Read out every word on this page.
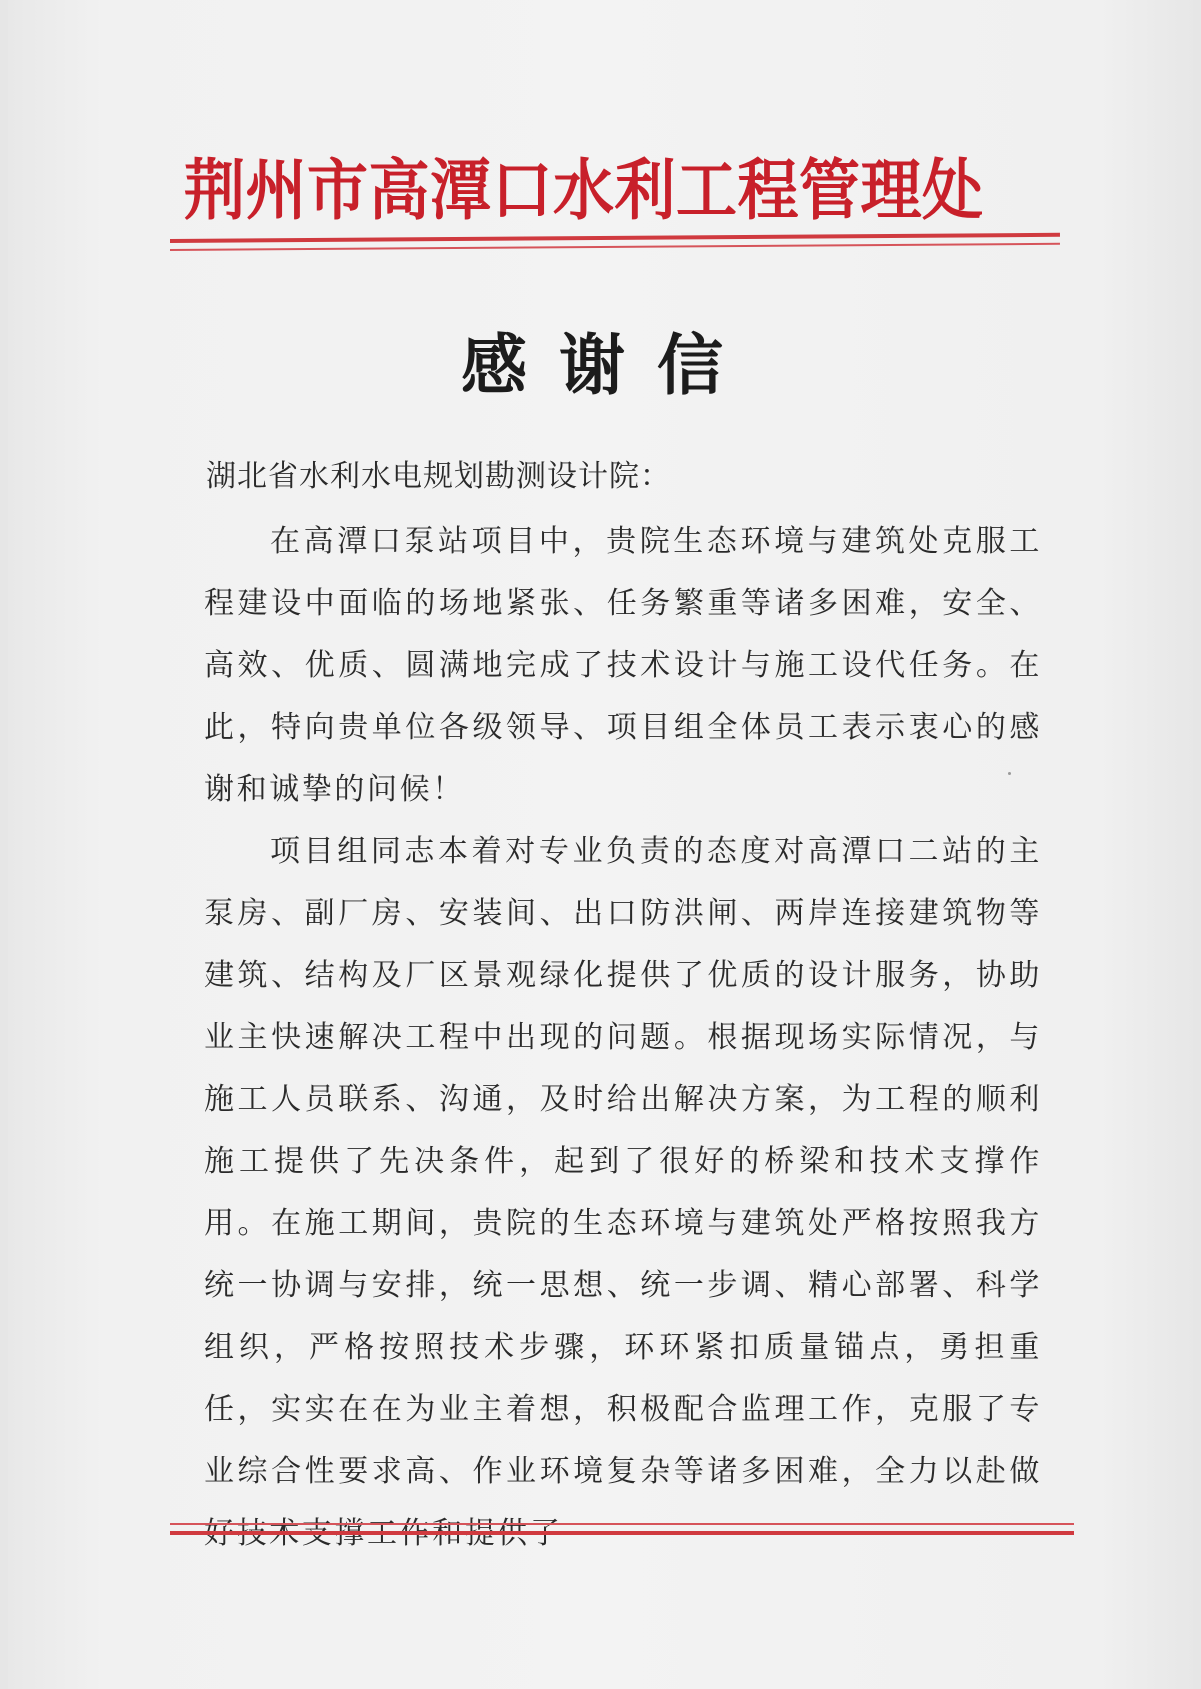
荆州市高潭口水利工程管理处
感谢信

湖北省水利水电规划勘测设计院：

在高潭口泵站项目中，贵院生态环境与建筑处克服工程建设中面临的场地紧张、任务繁重等诸多困难，安全、高效、优质、圆满地完成了技术设计与施工设代任务。在此，特向贵单位各级领导、项目组全体员工表示衷心的感谢和诚挚的问候！

项目组同志本着对专业负责的态度对高潭口二站的主泵房、副厂房、安装间、出口防洪闸、两岸连接建筑物等建筑、结构及厂区景观绿化提供了优质的设计服务，协助业主快速解决工程中出现的问题。根据现场实际情况，与施工人员联系、沟通，及时给出解决方案，为工程的顺利施工提供了先决条件，起到了很好的桥梁和技术支撑作用。在施工期间，贵院的生态环境与建筑处严格按照我方统一协调与安排，统一思想、统一步调、精心部署、科学组织，严格按照技术步骤，环环紧扣质量锚点，勇担重任，实实在在为业主着想，积极配合监理工作，克服了专业综合性要求高、作业环境复杂等诸多困难，全力以赴做好技术支撑工作和提供了
